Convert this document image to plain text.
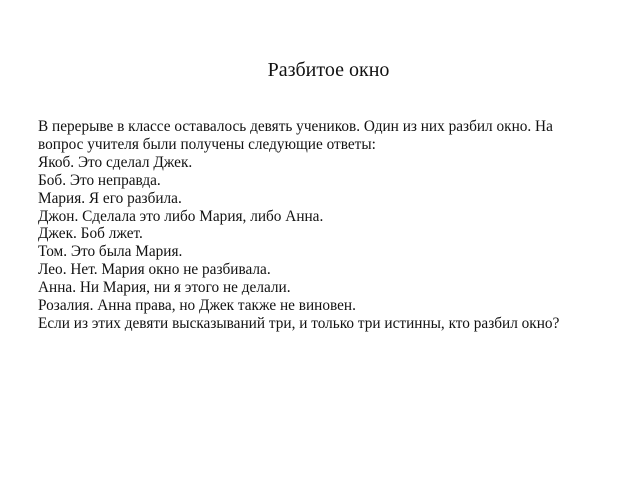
Разбитое окно
В перерыве в классе оставалось девять учеников. Один из них разбил окно. На
вопрос учителя были получены следующие ответы:
Якоб. Это сделал Джек.
Боб. Это неправда.
Мария. Я его разбила.
Джон. Сделала это либо Мария, либо Анна.
Джек. Боб лжет.
Том. Это была Мария.
Лео. Нет. Мария окно не разбивала.
Анна. Ни Мария, ни я этого не делали.
Розалия. Анна права, но Джек также не виновен.
Если из этих девяти высказываний три, и только три истинны, кто разбил окно?
